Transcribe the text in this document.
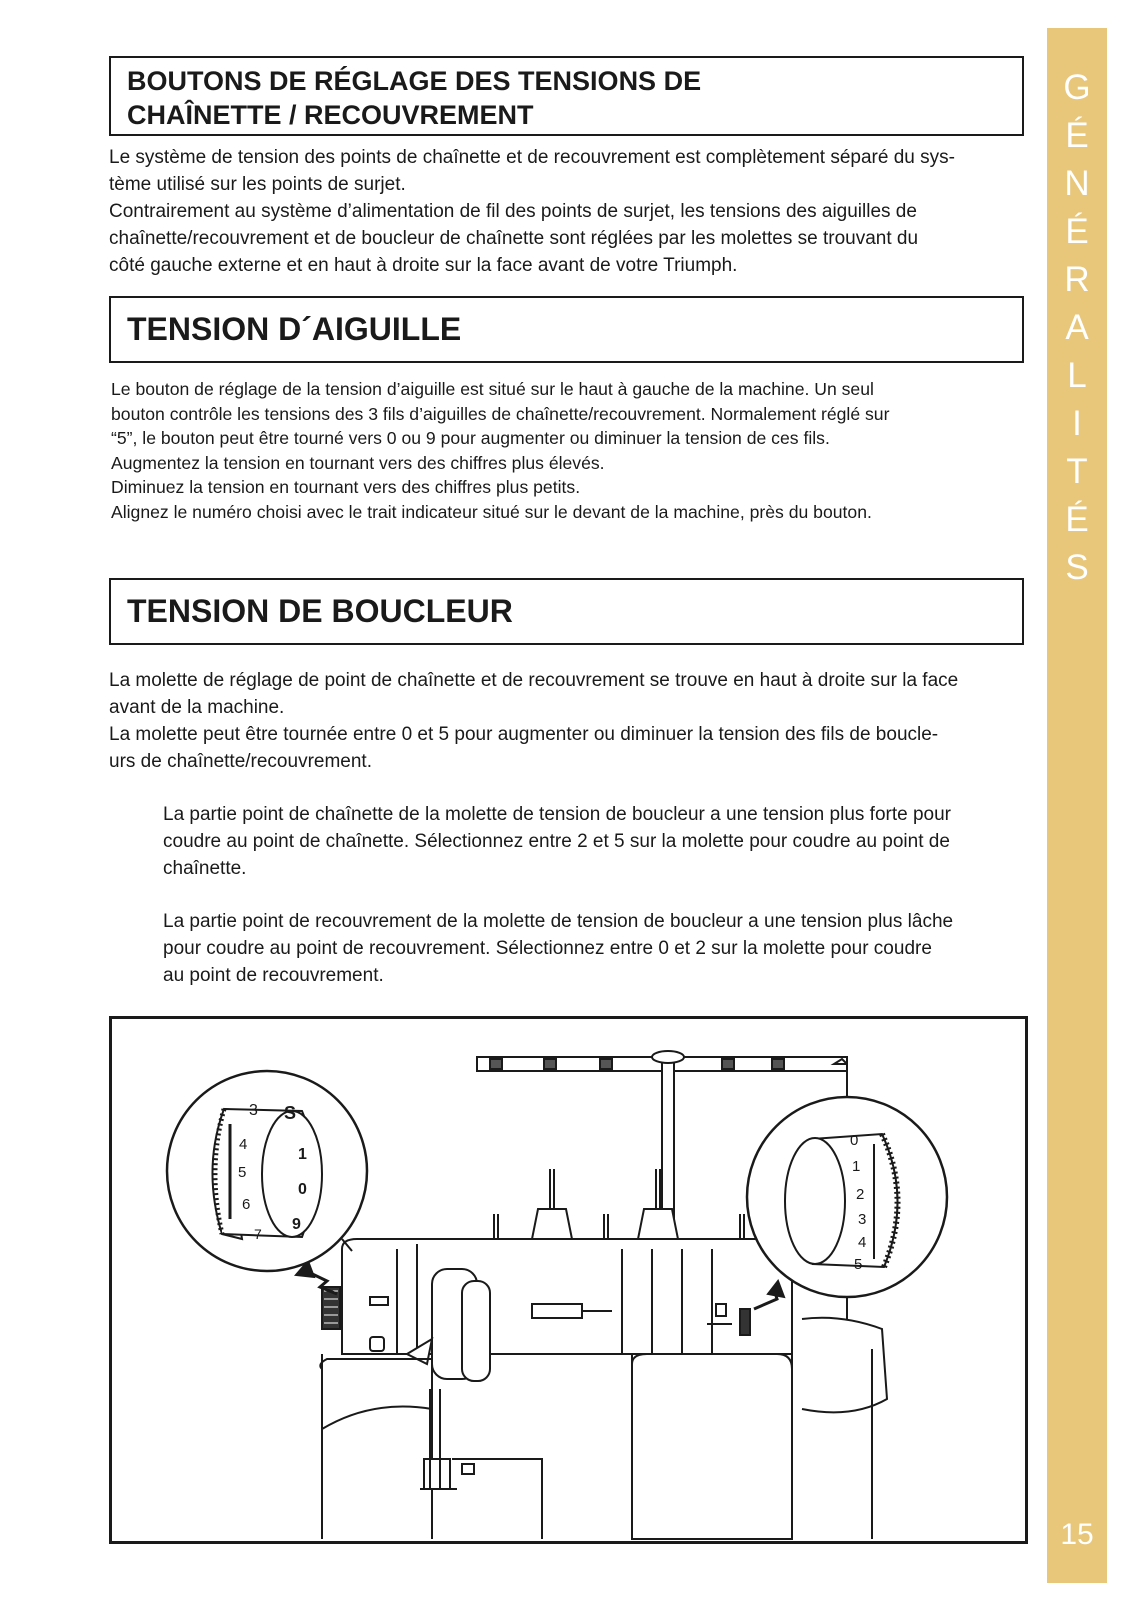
BOUTONS DE RÉGLAGE DES TENSIONS DE
CHAÎNETTE / RECOUVREMENT

Le système de tension des points de chaînette et de recouvrement est complètement séparé du sys-

tème utilisé sur les points de surjet.

Contrairement au système d’alimentation de fil des points de surjet, les tensions des aiguilles de

chaînette/recouvrement et de boucleur de chaînette sont réglées par les molettes se trouvant du

côté gauche externe et en haut à droite sur la face avant de votre Triumph.

TENSION D´AIGUILLE

Le bouton de réglage de la tension d’aiguille est situé sur le haut à gauche de la machine. Un seul

bouton contrôle les tensions des 3 fils d’aiguilles de chaînette/recouvrement. Normalement réglé sur

“5”, le bouton peut être tourné vers 0 ou 9 pour augmenter ou diminuer la tension de ces fils.

Augmentez la tension en tournant vers des chiffres plus élevés.

Diminuez la tension en tournant vers des chiffres plus petits.

Alignez le numéro choisi avec le trait indicateur situé sur le devant de la machine, près du bouton.

TENSION DE BOUCLEUR

La molette de réglage de point de chaînette et de recouvrement se trouve en haut à droite sur la face

avant de la machine.

La molette peut être tournée entre 0 et 5 pour augmenter ou diminuer la tension des fils de boucle-

urs de chaînette/recouvrement.

La partie point de chaînette de la molette de tension de boucleur a une tension plus forte pour

coudre au point de chaînette. Sélectionnez entre 2 et 5 sur la molette pour coudre au point de

chaînette.

La partie point de recouvrement de la molette de tension de boucleur a une tension plus lâche

pour coudre au point de recouvrement. Sélectionnez entre 0 et 2 sur la molette pour coudre

au point de recouvrement.

3
4
5
6
7
S
1
0
9
0
1
2
3
4
5
G
É
N
É
R
A
L
I
T
É
S
15
